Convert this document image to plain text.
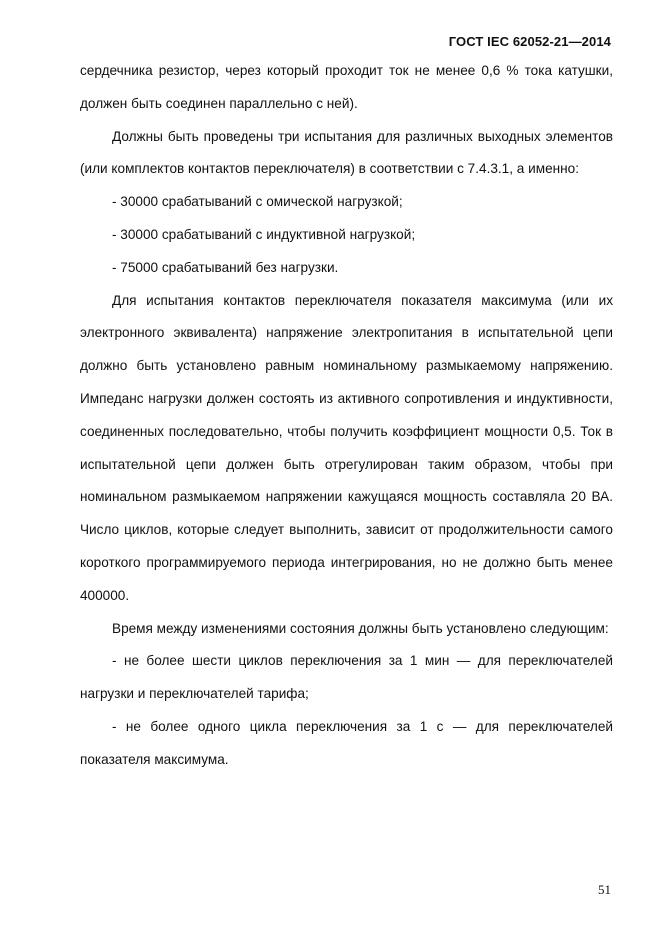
ГОСТ IEC 62052-21—2014

сердечника резистор, через который проходит ток не менее 0,6 % тока катушки, должен быть соединен параллельно с ней).

Должны быть проведены три испытания для различных выходных элементов (или комплектов контактов переключателя) в соответствии с 7.4.3.1, а именно:

- 30000 срабатываний с омической нагрузкой;

- 30000 срабатываний с индуктивной нагрузкой;

- 75000 срабатываний без нагрузки.

Для испытания контактов переключателя показателя максимума (или их электронного эквивалента) напряжение электропитания в испытательной цепи должно быть установлено равным номинальному размыкаемому напряжению. Импеданс нагрузки должен состоять из активного сопротивления и индуктивности, соединенных последовательно, чтобы получить коэффициент мощности 0,5. Ток в испытательной цепи должен быть отрегулирован таким образом, чтобы при номинальном размыкаемом напряжении кажущаяся мощность составляла 20 ВА. Число циклов, которые следует выполнить, зависит от продолжительности самого короткого программируемого периода интегрирования, но не должно быть менее 400000.

Время между изменениями состояния должны быть установлено следующим:

- не более шести циклов переключения за 1 мин — для переключателей нагрузки и переключателей тарифа;

- не более одного цикла переключения за 1 с — для переключателей показателя максимума.

51
